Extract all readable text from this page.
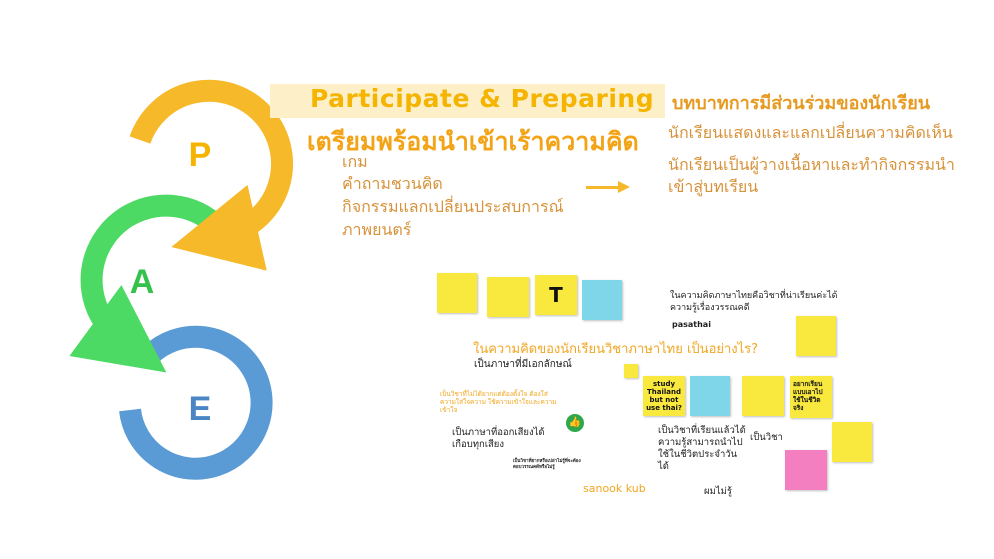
P
A
E
Participate & Preparing
เตรียมพร้อมนำเข้าเร้าความคิด
เกม
คำถามชวนคิด
กิจกรรมแลกเปลี่ยนประสบการณ์
ภาพยนตร์
บทบาทการมีส่วนร่วมของนักเรียน
นักเรียนแสดงและแลกเปลี่ยนความคิดเห็น
นักเรียนเป็นผู้วางเนื้อหาและทำกิจกรรมนำเข้าสู่บทเรียน
T	ในความคิดภาษาไทยคือวิชาที่น่าเรียนค่ะได้ความรู้เรื่องวรรณคดี
pasathai
ในความคิดของนักเรียนวิชาภาษาไทย เป็นอย่างไร?
เป็นภาษาที่มีเอกลักษณ์
เป็นวิชาที่ไม่ได้ยากแต่ต้องตั้งใจ ต้องใส่ความใส่ใจความ ใช้ความเข้าใจและความเข้าใจ
study Thailand but not use thai?
อยากเรียนแบบเอาไปใช้ในชีวิตจริง
👍
เป็นภาษาที่ออกเสียงได้เกือบทุกเสียง
เป็นวิชาที่เรียนแล้วได้ความรู้สามารถนำไปใช้ในชีวิตประจำวันได้
เป็นวิชา
เป็นวิชาที่ยากหรือเปล่าไม่รู้ที่จะต้องตอบวรรณคดีหรือไม่รู้
sanook kub	ผมไม่รู้
